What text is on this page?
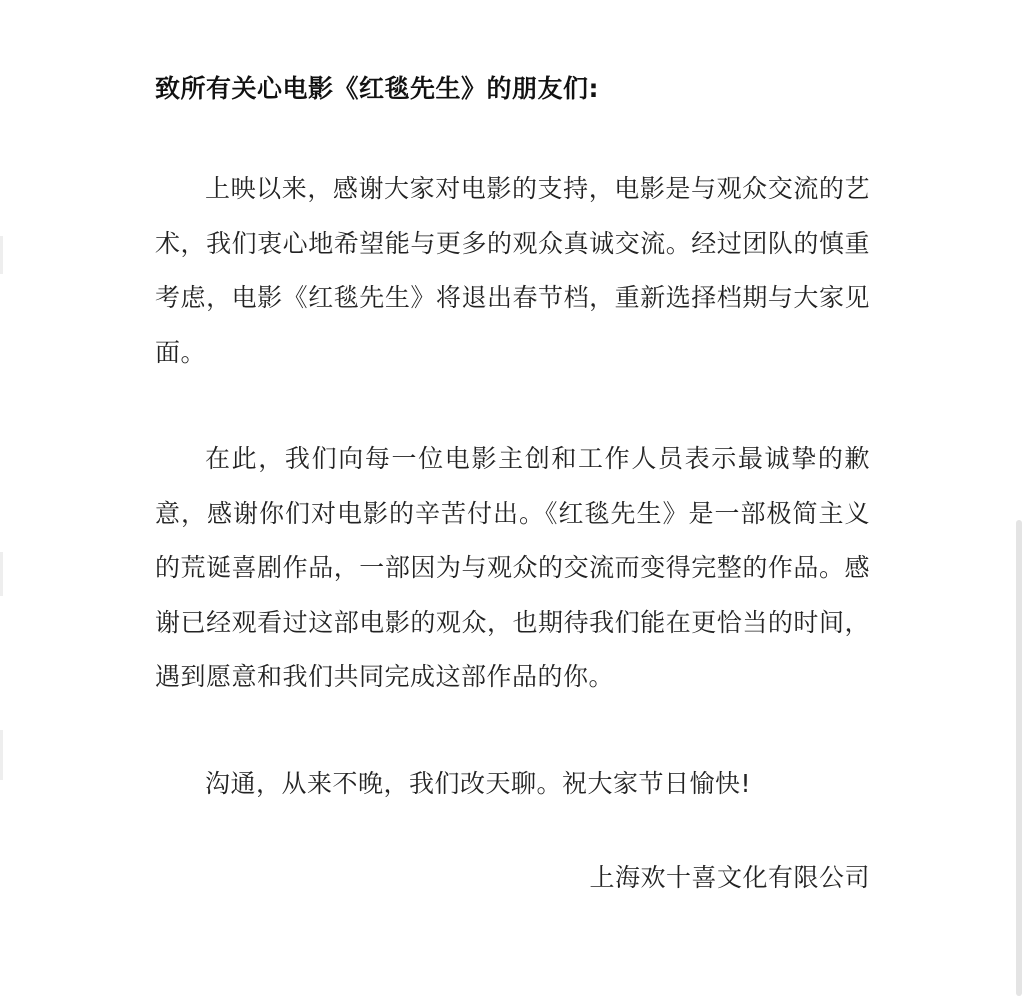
致所有关心电影《红毯先生》的朋友们:

上映以来，感谢大家对电影的支持，电影是与观众交流的艺术，我们衷心地希望能与更多的观众真诚交流。经过团队的慎重考虑，电影《红毯先生》将退出春节档，重新选择档期与大家见面。

在此，我们向每一位电影主创和工作人员表示最诚挚的歉意，感谢你们对电影的辛苦付出。《红毯先生》是一部极简主义的荒诞喜剧作品，一部因为与观众的交流而变得完整的作品。感谢已经观看过这部电影的观众，也期待我们能在更恰当的时间，遇到愿意和我们共同完成这部作品的你。

沟通，从来不晚，我们改天聊。祝大家节日愉快!

上海欢十喜文化有限公司
